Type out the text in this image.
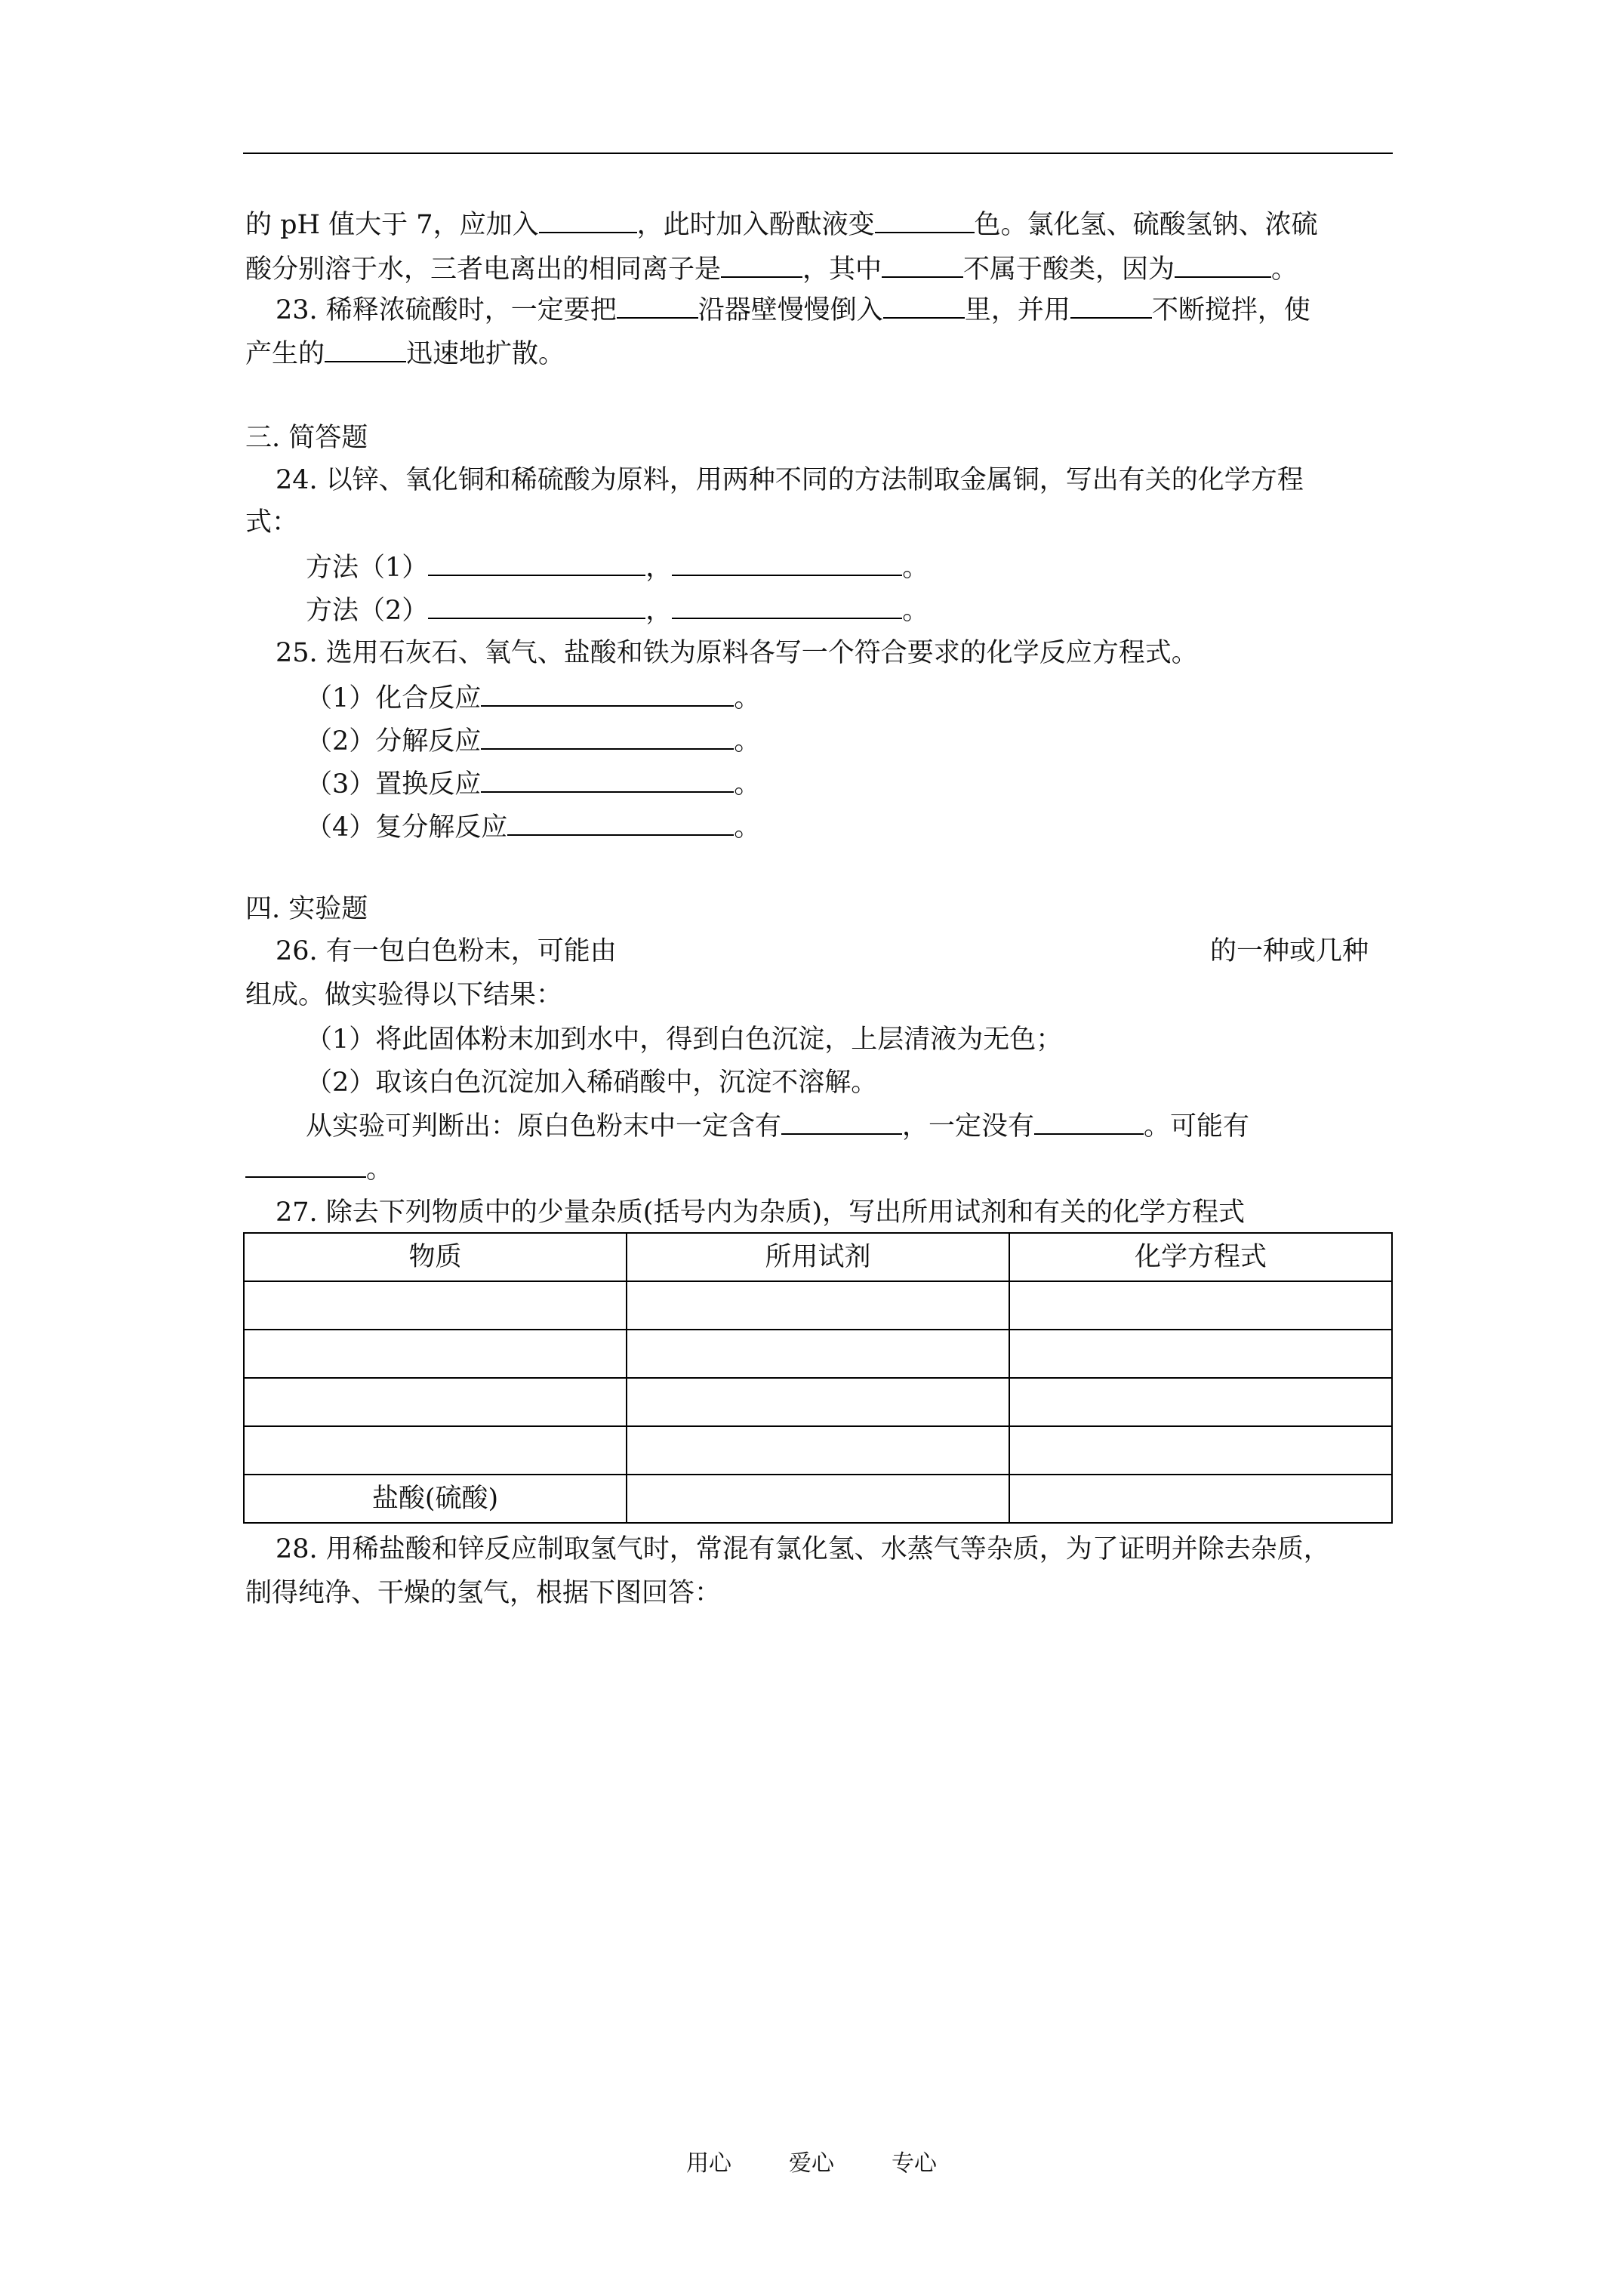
的 pH 值大于 7，应加入	，此时加入酚酞液变	色。氯化氢、硫酸氢钠、浓硫
酸分别溶于水，三者电离出的相同离子是	，其中	不属于酸类，因为	。
23. 稀释浓硫酸时，一定要把	沿器壁慢慢倒入	里，并用	不断搅拌，使
产生的	迅速地扩散。
三. 简答题
24. 以锌、氧化铜和稀硫酸为原料，用两种不同的方法制取金属铜，写出有关的化学方程
式：
方法（1）	，	。
方法（2）	，	。
25. 选用石灰石、氧气、盐酸和铁为原料各写一个符合要求的化学反应方程式。
（1）化合反应	。
（2）分解反应	。
（3）置换反应	。
（4）复分解反应	。
四. 实验题
26. 有一包白色粉末，可能由	的一种或几种
组成。做实验得以下结果：
（1）将此固体粉末加到水中，得到白色沉淀，上层清液为无色；
（2）取该白色沉淀加入稀硝酸中，沉淀不溶解。
从实验可判断出：原白色粉末中一定含有	，一定没有	。可能有
。
27. 除去下列物质中的少量杂质(括号内为杂质)，写出所用试剂和有关的化学方程式
物质	所用试剂	化学方程式

盐酸(硫酸)		
28. 用稀盐酸和锌反应制取氢气时，常混有氯化氢、水蒸气等杂质，为了证明并除去杂质，
制得纯净、干燥的氢气，根据下图回答：
用心	爱心	专心
